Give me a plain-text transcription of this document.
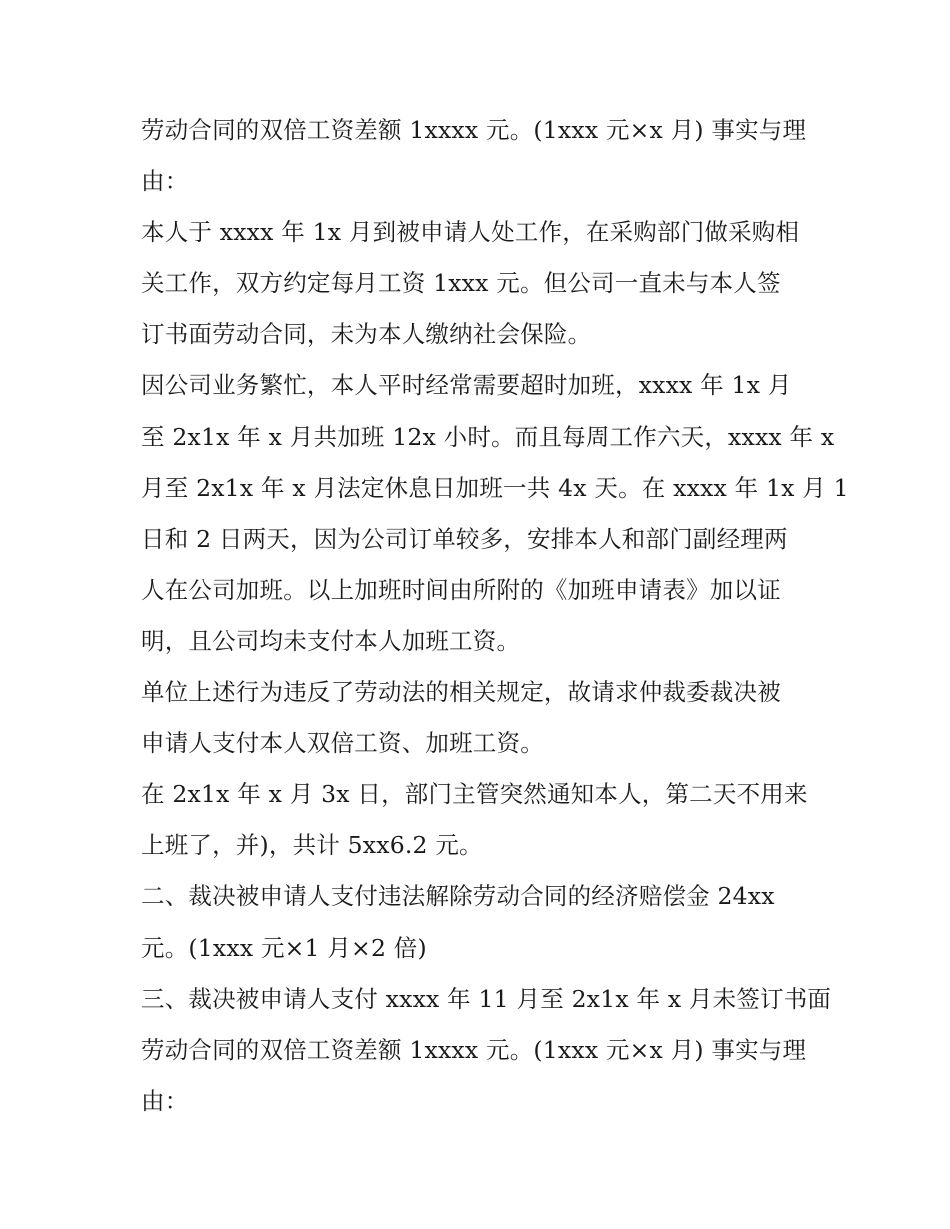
劳动合同的双倍工资差额 1xxxx 元。(1xxx 元×x 月) 事实与理
由：
本人于 xxxx 年 1x 月到被申请人处工作，在采购部门做采购相
关工作，双方约定每月工资 1xxx 元。但公司一直未与本人签
订书面劳动合同，未为本人缴纳社会保险。
因公司业务繁忙，本人平时经常需要超时加班，xxxx 年 1x 月
至 2x1x 年 x 月共加班 12x 小时。而且每周工作六天，xxxx 年 x
月至 2x1x 年 x 月法定休息日加班一共 4x 天。在 xxxx 年 1x 月 1
日和 2 日两天，因为公司订单较多，安排本人和部门副经理两
人在公司加班。以上加班时间由所附的《加班申请表》加以证
明，且公司均未支付本人加班工资。
单位上述行为违反了劳动法的相关规定，故请求仲裁委裁决被
申请人支付本人双倍工资、加班工资。
在 2x1x 年 x 月 3x 日，部门主管突然通知本人，第二天不用来
上班了，并)，共计 5xx6.2 元。
二、裁决被申请人支付违法解除劳动合同的经济赔偿金 24xx
元。(1xxx 元×1 月×2 倍)
三、裁决被申请人支付 xxxx 年 11 月至 2x1x 年 x 月未签订书面
劳动合同的双倍工资差额 1xxxx 元。(1xxx 元×x 月) 事实与理
由：
